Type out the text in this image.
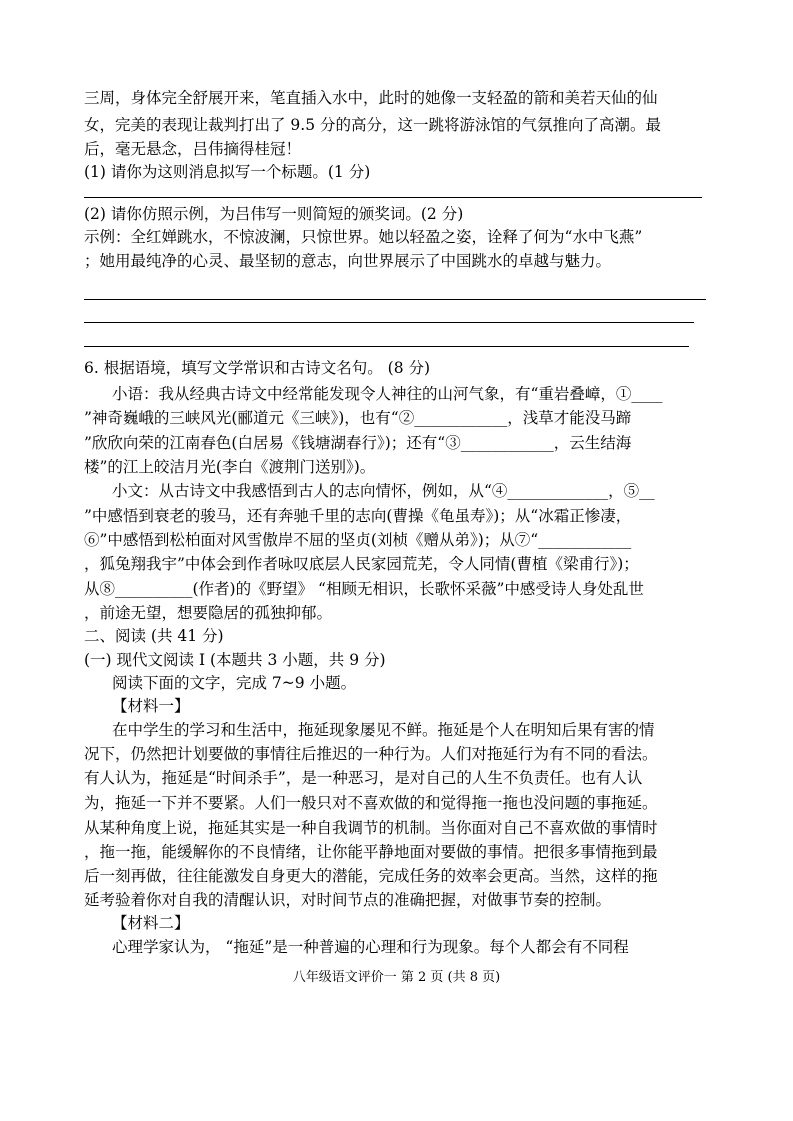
三周，身体完全舒展开来，笔直插入水中，此时的她像一支轻盈的箭和美若天仙的仙
女，完美的表现让裁判打出了 9.5 分的高分，这一跳将游泳馆的气氛推向了高潮。最
后，毫无悬念，吕伟摘得桂冠！
(1) 请你为这则消息拟写一个标题。(1 分)
(2) 请你仿照示例，为吕伟写一则简短的颁奖词。(2 分)
示例：全红婵跳水，不惊波澜，只惊世界。她以轻盈之姿，诠释了何为“水中飞燕”
；她用最纯净的心灵、最坚韧的意志，向世界展示了中国跳水的卓越与魅力。
6. 根据语境，填写文学常识和古诗文名句。 (8 分)
小语：我从经典古诗文中经常能发现令人神往的山河气象，有“重岩叠嶂，①____
”神奇巍峨的三峡风光(郦道元《三峡》)，也有“②____________，浅草才能没马蹄
”欣欣向荣的江南春色(白居易《钱塘湖春行》)；还有“③____________，云生结海
楼”的江上皎洁月光(李白《渡荆门送别》)。
小文：从古诗文中我感悟到古人的志向情怀，例如，从“④_____________，⑤__
”中感悟到衰老的骏马，还有奔驰千里的志向(曹操《龟虽寿》)；从“冰霜正惨凄，
⑥”中感悟到松柏面对风雪傲岸不屈的坚贞(刘桢《赠从弟》)；从⑦“____________
，狐兔翔我宇”中体会到作者咏叹底层人民家园荒芜，令人同情(曹植《梁甫行》)；
从⑧__________(作者)的《野望》 “相顾无相识，长歌怀采薇”中感受诗人身处乱世
，前途无望，想要隐居的孤独抑郁。
二、阅读 (共 41 分)
(一) 现代文阅读 Ⅰ (本题共 3 小题，共 9 分)
阅读下面的文字，完成 7~9 小题。
【材料一】
在中学生的学习和生活中，拖延现象屡见不鲜。拖延是个人在明知后果有害的情
况下，仍然把计划要做的事情往后推迟的一种行为。人们对拖延行为有不同的看法。
有人认为，拖延是“时间杀手”，是一种恶习，是对自己的人生不负责任。也有人认
为，拖延一下并不要紧。人们一般只对不喜欢做的和觉得拖一拖也没问题的事拖延。
从某种角度上说，拖延其实是一种自我调节的机制。当你面对自己不喜欢做的事情时
，拖一拖，能缓解你的不良情绪，让你能平静地面对要做的事情。把很多事情拖到最
后一刻再做，往往能激发自身更大的潜能，完成任务的效率会更高。当然，这样的拖
延考验着你对自我的清醒认识，对时间节点的准确把握，对做事节奏的控制。
【材料二】
心理学家认为， “拖延”是一种普遍的心理和行为现象。每个人都会有不同程
八年级语文评价一 第 2 页 (共 8 页)
